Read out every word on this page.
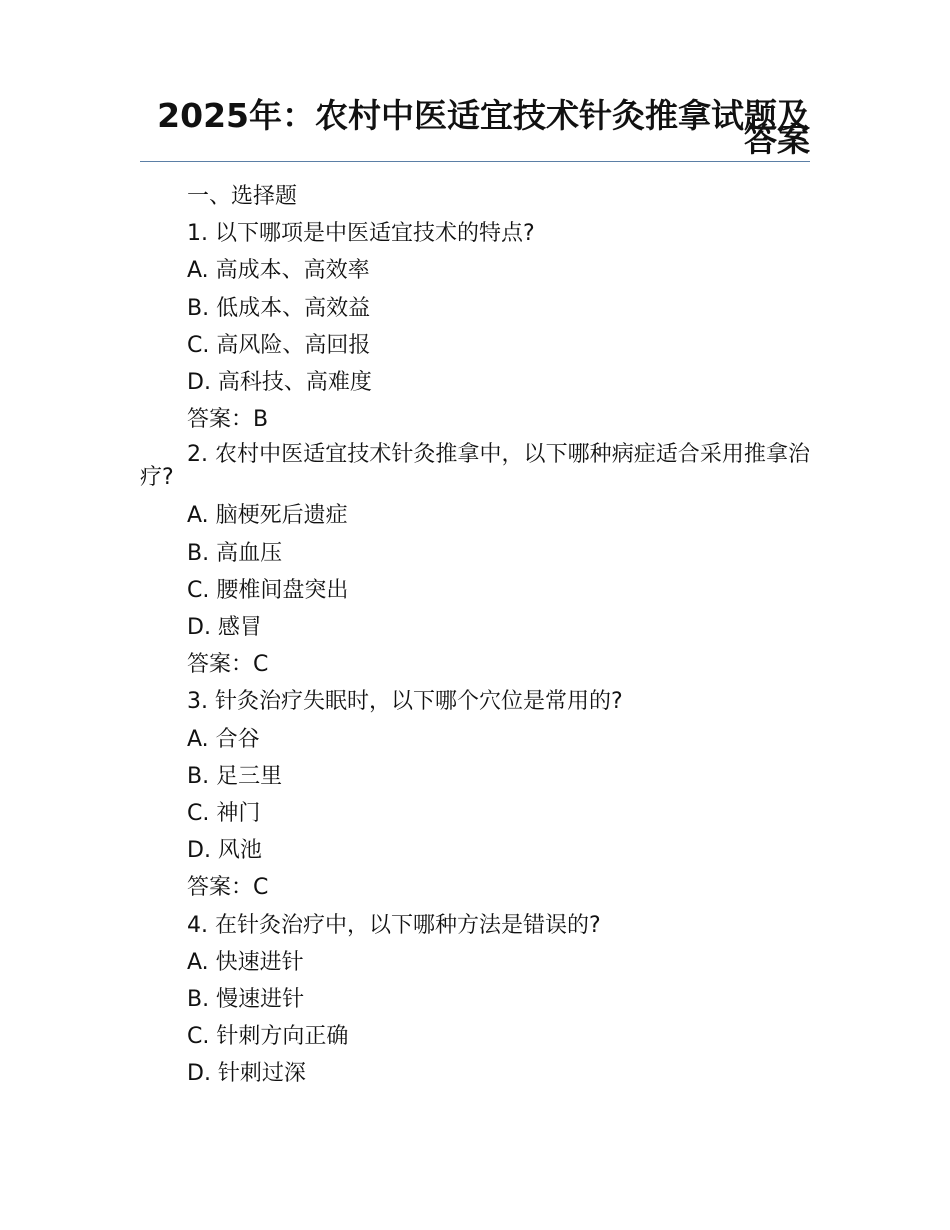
2025年：农村中医适宜技术针灸推拿试题及答案
一、选择题
1. 以下哪项是中医适宜技术的特点?
A. 高成本、高效率
B. 低成本、高效益
C. 高风险、高回报
D. 高科技、高难度
答案：B
2. 农村中医适宜技术针灸推拿中，以下哪种病症适合采用推拿治疗?
A. 脑梗死后遗症
B. 高血压
C. 腰椎间盘突出
D. 感冒
答案：C
3. 针灸治疗失眠时，以下哪个穴位是常用的?
A. 合谷
B. 足三里
C. 神门
D. 风池
答案：C
4. 在针灸治疗中，以下哪种方法是错误的?
A. 快速进针
B. 慢速进针
C. 针刺方向正确
D. 针刺过深
